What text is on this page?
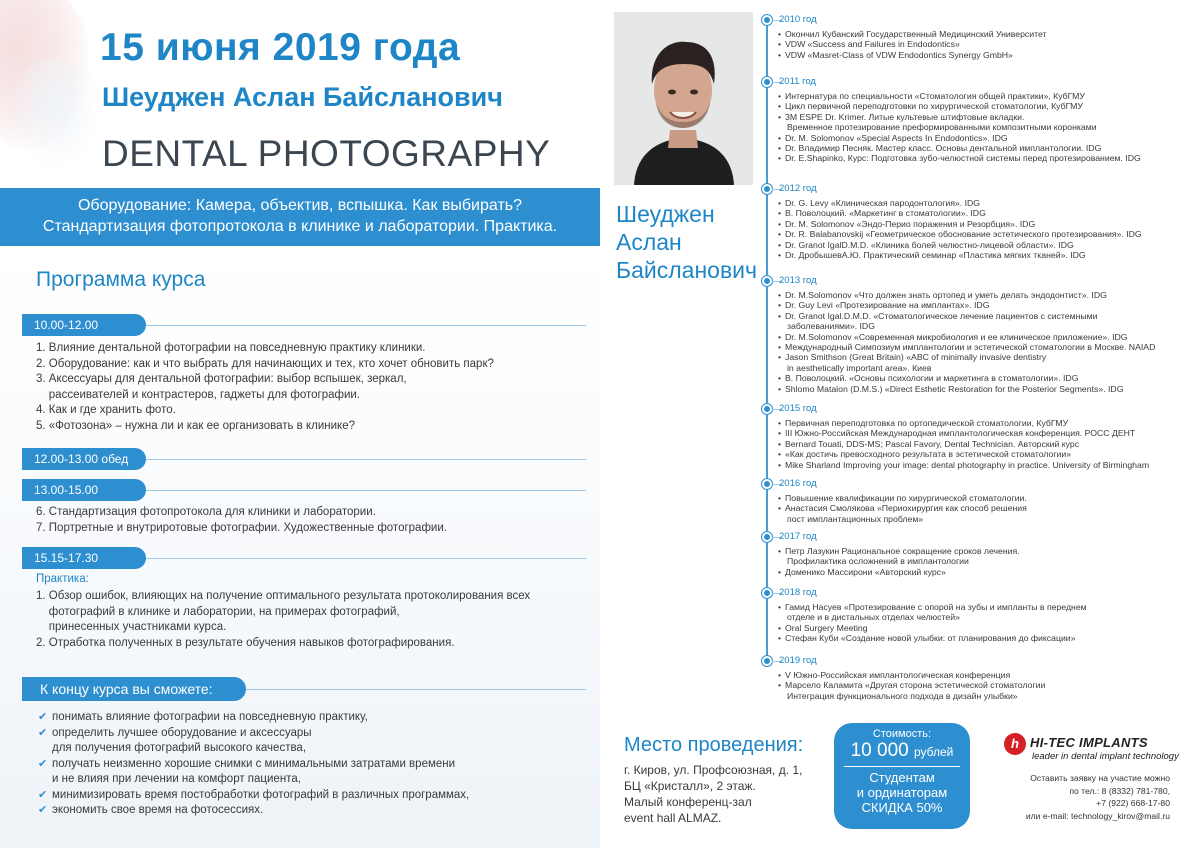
15 июня 2019 года
Шеуджен Аслан Байсланович
DENTAL PHOTOGRAPHY
Оборудование: Камера, объектив, вспышка. Как выбирать?
Стандартизация фотопротокола в клинике и лаборатории. Практика.
Программа курса
10.00-12.00
1. Влияние дентальной фотографии на повседневную практику клиники.
2. Оборудование: как и что выбрать для начинающих и тех, кто хочет обновить парк?
3. Аксессуары для дентальной фотографии: выбор вспышек, зеркал,
рассеивателей и контрастеров, гаджеты для фотографии.
4. Как и где хранить фото.
5. «Фотозона» – нужна ли и как ее организовать в клинике?
12.00-13.00 обед
13.00-15.00
6. Стандартизация фотопротокола для клиники и лаборатории.
7. Портретные и внутриротовые фотографии. Художественные фотографии.
15.15-17.30
Практика:
1. Обзор ошибок, влияющих на получение оптимального результата протоколирования всех
фотографий в клинике и лаборатории, на примерах фотографий,
принесенных участниками курса.
2. Отработка полученных в результате обучения навыков фотографирования.
К концу курса вы сможете:
✔ понимать влияние фотографии на повседневную практику,
✔ определить лучшее оборудование и аксессуары
для получения фотографий высокого качества,
✔ получать неизменно хорошие снимки с минимальными затратами времени
и не влияя при лечении на комфорт пациента,
✔ минимизировать время постобработки фотографий в различных программах,
✔ экономить свое время на фотосессиях.
Шеуджен
Аслан
Байсланович
2010 год
• Окончил Кубанский Государственный Медицинский Университет
• VDW «Success and Failures in Endodontics»
• VDW «Masret-Class of VDW Endodontics Synergy GmbH»
2011 год
• Интернатура по специальности «Стоматология общей практики», КубГМУ
• Цикл первичной переподготовки по хирургической стоматологии, КубГМУ
• 3M ESPE Dr. Krimer. Литые культевые штифтовые вкладки.
Временное протезирование преформированными композитными коронками
• Dr. M. Solomonov «Special Aspects In Endodontics». IDG
• Dr. Владимир Песняк. Мастер класс. Основы дентальной имплантологии. IDG
• Dr. E.Shapinko, Курс: Подготовка зубо-челюстной системы перед протезированием. IDG
2012 год
• Dr. G. Levy «Клиническая пародонтология». IDG
• В. Поволоцкий. «Маркетинг в стоматологии». IDG
• Dr. M. Solomonov «Эндо-Перио поражения и Резорбция». IDG
• Dr. R. Balabanovskij «Геометрическое обоснование эстетического протезирования». IDG
• Dr. Granot IgalD.M.D. «Клиника болей челюстно-лицевой области». IDG
• Dr. ДробышевА.Ю. Практический семинар «Пластика мягких тканей». IDG
2013 год
• Dr. M.Solomonov «Что должен знать ортопед и уметь делать эндодонтист». IDG
• Dr. Guy Levi «Протезирование на имплантах». IDG
• Dr. Granot Igal.D.M.D. «Стоматологическое лечение пациентов с системными
заболеваниями». IDG
• Dr. M.Solomonov «Современная микробиология и ее клиническое приложение». IDG
• Международный Симпозиум имплантологии и эстетической стоматологии в Москве. NAIAD
• Jason Smithson (Great Britain) «ABC of minimally invasive dentistry
in aesthetically important area». Киев
• В. Поволоцкий. «Основы психологии и маркетинга в стоматологии». IDG
• Shlomo Matalon (D.M.S.) «Direct Esthetic Restoration for the Posterior Segments». IDG
2015 год
• Первичная переподготовка по ортопедической стоматологии, КубГМУ
• III Южно-Российская Международная имплантологическая конференция. РОСС ДЕНТ
• Bernard Touati, DDS-MS; Pascal Favory, Dental Technician. Авторский курс
• «Как достичь превосходного результата в эстетической стоматологии»
• Mike Sharland Improving your image: dental photography in practice. University of Birmingham
2016 год
• Повышение квалификации по хирургической стоматологии.
• Анастасия Смолякова «Периохирургия как способ решения
пост имплантационных проблем»
2017 год
• Петр Лазукин Рациональное сокращение сроков лечения.
Профилактика осложнений в имплантологии
• Доменико Массирони «Авторский курс»
2018 год
• Гамид Насуев «Протезирование с опорой на зубы и импланты в переднем
отделе и в дистальных отделах челюстей»
• Oral Surgery Meeting
• Стефан Куби «Создание новой улыбки: от планирования до фиксации»
2019 год
• V Южно-Российская имплантологическая конференция
• Марсело Каламита «Другая сторона эстетической стоматологии
Интеграция функционального подхода в дизайн улыбки»
Место проведения:
г. Киров, ул. Профсоюзная, д. 1,
БЦ «Кристалл», 2 этаж.
Малый конференц-зал
event hall ALMAZ.
Стоимость:
10 000 рублей
Студентам
и ординаторам
СКИДКА 50%
h HI-TEC IMPLANTS
leader in dental implant technology
Оставить заявку на участие можно
по тел.: 8 (8332) 781-780,
+7 (922) 668-17-80
или e-mail: technology_kirov@mail.ru
